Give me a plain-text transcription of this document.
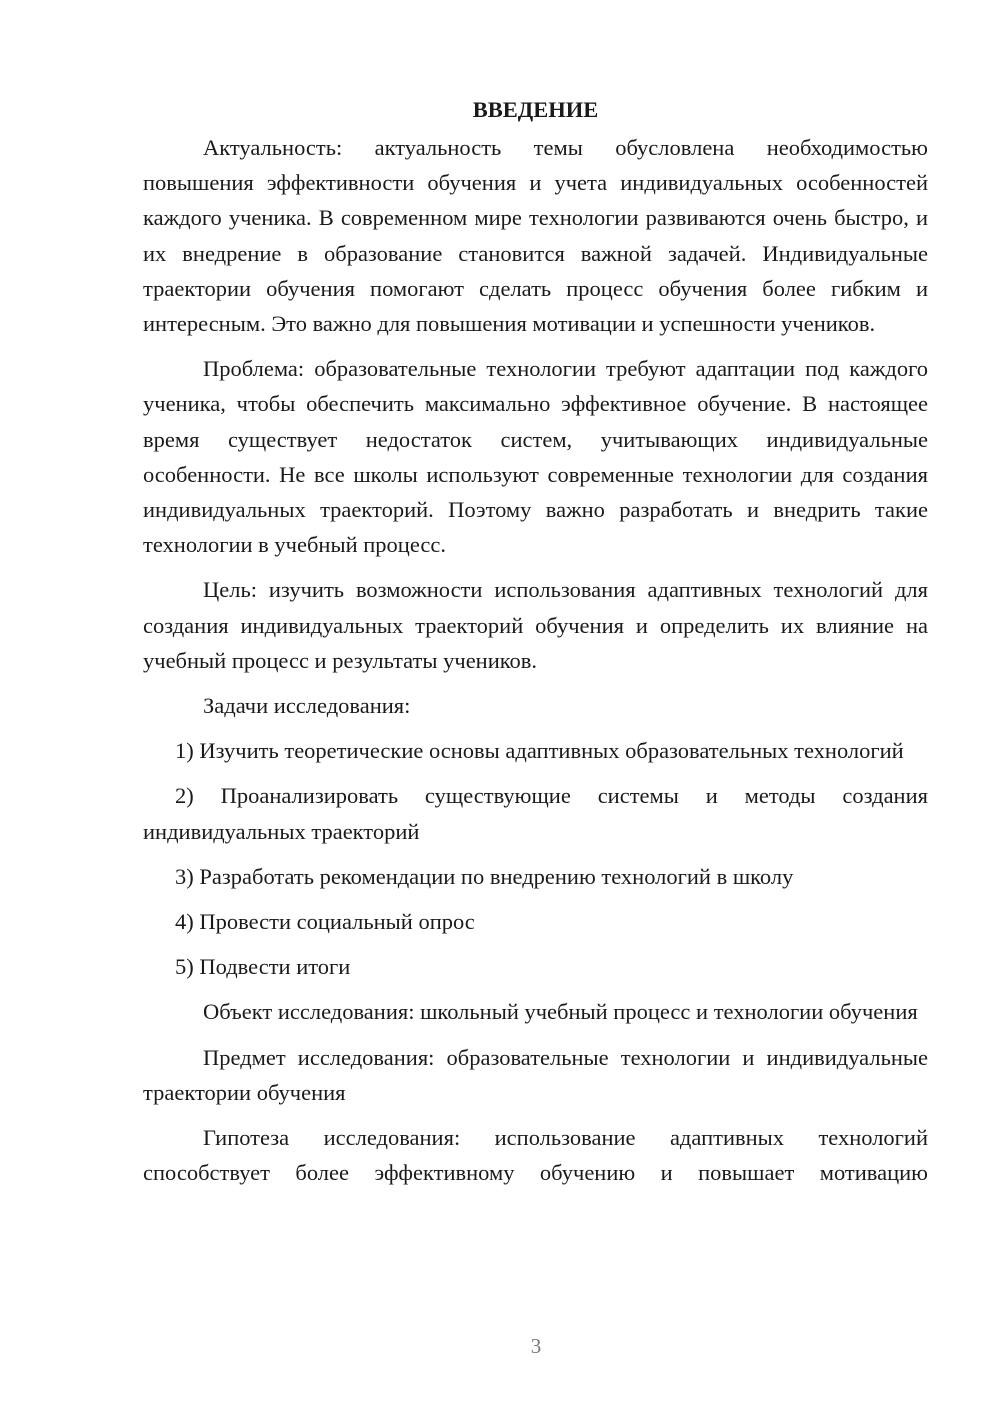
ВВЕДЕНИЕ

Актуальность: актуальность темы обусловлена необходимостью повышения эффективности обучения и учета индивидуальных особенностей каждого ученика. В современном мире технологии развиваются очень быстро, и их внедрение в образование становится важной задачей. Индивидуальные траектории обучения помогают сделать процесс обучения более гибким и интересным. Это важно для повышения мотивации и успешности учеников.

Проблема: образовательные технологии требуют адаптации под каждого ученика, чтобы обеспечить максимально эффективное обучение. В настоящее время существует недостаток систем, учитывающих индивидуальные особенности. Не все школы используют современные технологии для создания индивидуальных траекторий. Поэтому важно разработать и внедрить такие технологии в учебный процесс.

Цель: изучить возможности использования адаптивных технологий для создания индивидуальных траекторий обучения и определить их влияние на учебный процесс и результаты учеников.

Задачи исследования:

1) Изучить теоретические основы адаптивных образовательных технологий

2) Проанализировать существующие системы и методы создания индивидуальных траекторий

3) Разработать рекомендации по внедрению технологий в школу

4) Провести социальный опрос

5) Подвести итоги

Объект исследования: школьный учебный процесс и технологии обучения

Предмет исследования: образовательные технологии и индивидуальные траектории обучения

Гипотеза исследования: использование адаптивных технологий способствует более эффективному обучению и повышает мотивацию

3
